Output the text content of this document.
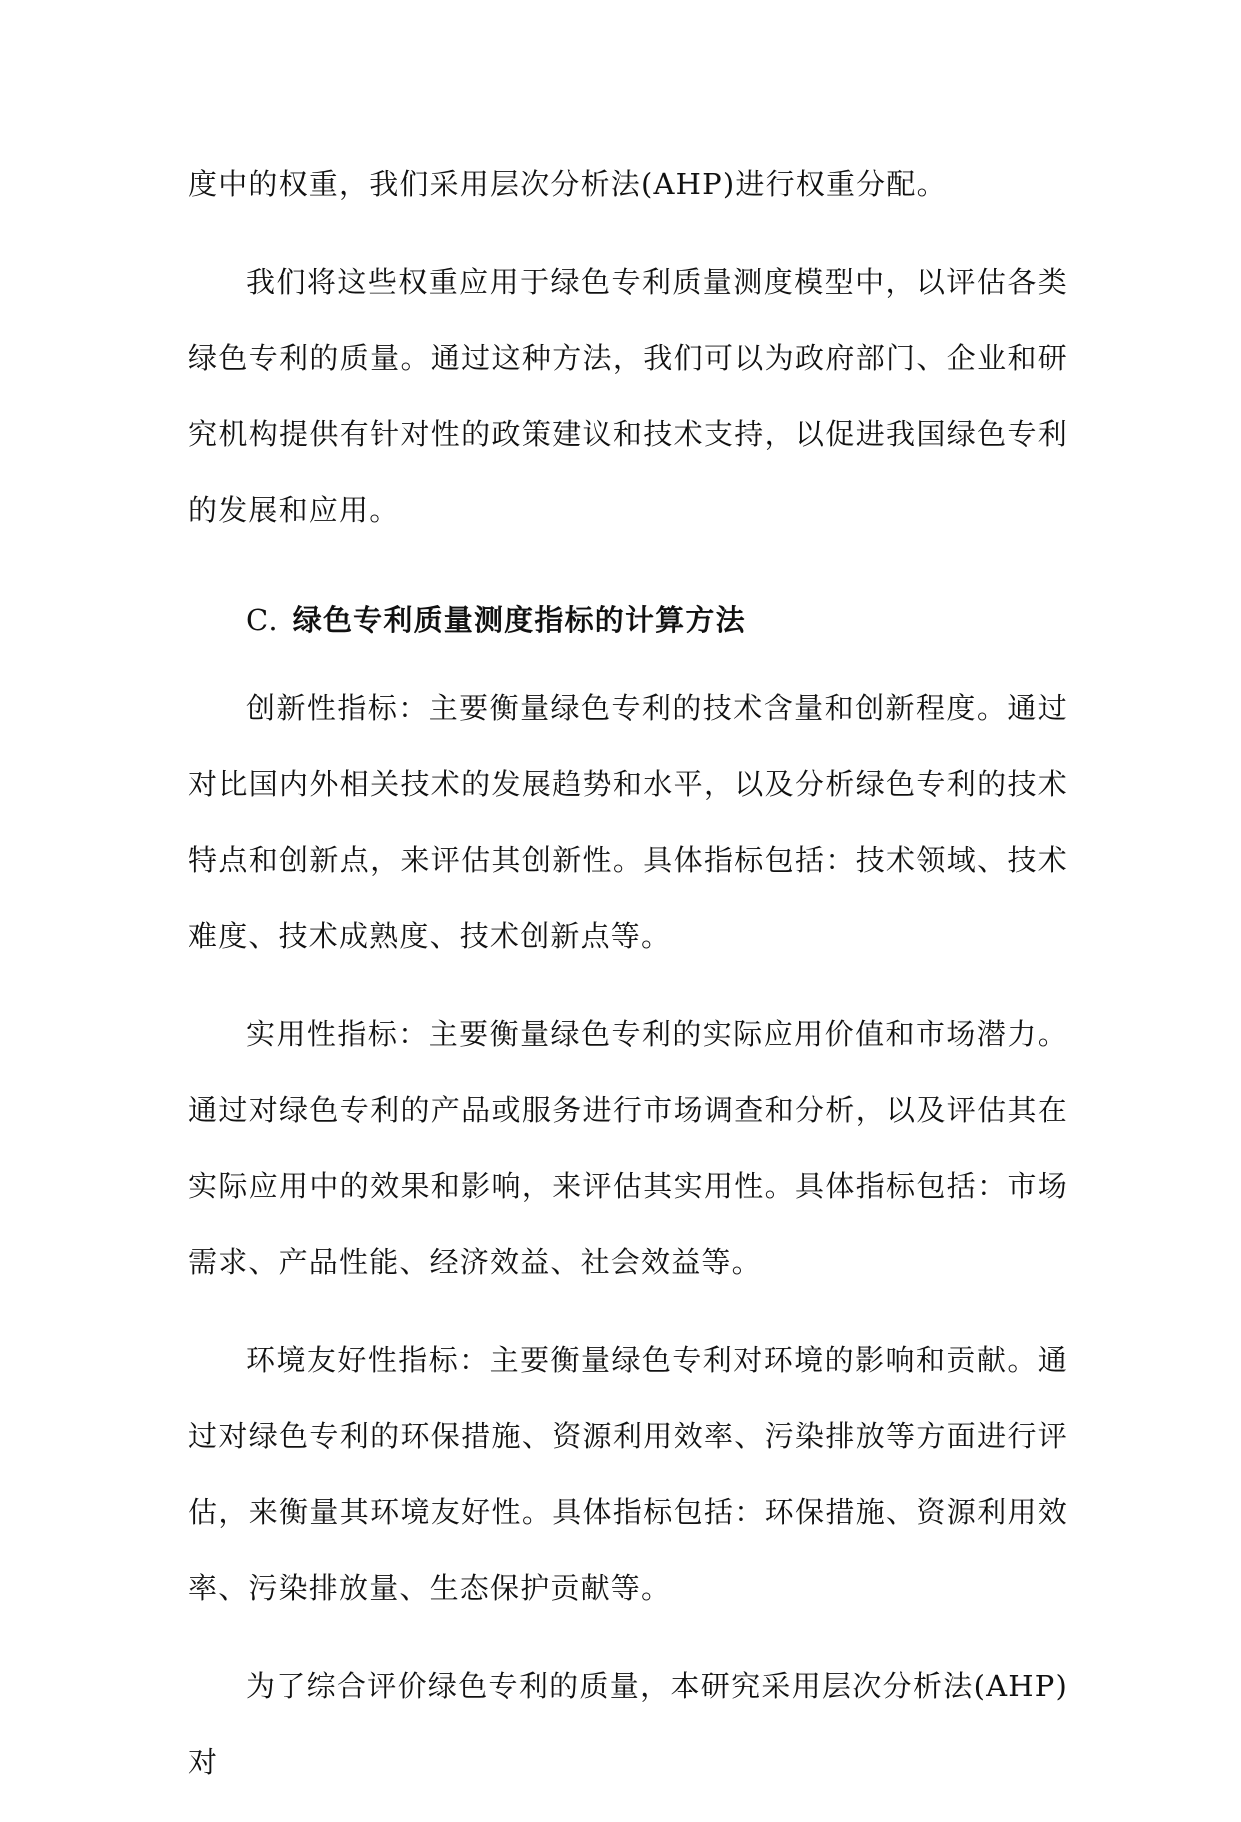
度中的权重，我们采用层次分析法(AHP)进行权重分配。

我们将这些权重应用于绿色专利质量测度模型中，以评估各类绿色专利的质量。通过这种方法，我们可以为政府部门、企业和研究机构提供有针对性的政策建议和技术支持，以促进我国绿色专利的发展和应用。

C. 绿色专利质量测度指标的计算方法

创新性指标：主要衡量绿色专利的技术含量和创新程度。通过对比国内外相关技术的发展趋势和水平，以及分析绿色专利的技术特点和创新点，来评估其创新性。具体指标包括：技术领域、技术难度、技术成熟度、技术创新点等。

实用性指标：主要衡量绿色专利的实际应用价值和市场潜力。通过对绿色专利的产品或服务进行市场调查和分析，以及评估其在实际应用中的效果和影响，来评估其实用性。具体指标包括：市场需求、产品性能、经济效益、社会效益等。

环境友好性指标：主要衡量绿色专利对环境的影响和贡献。通过对绿色专利的环保措施、资源利用效率、污染排放等方面进行评估，来衡量其环境友好性。具体指标包括：环保措施、资源利用效率、污染排放量、生态保护贡献等。

为了综合评价绿色专利的质量，本研究采用层次分析法(AHP)对
